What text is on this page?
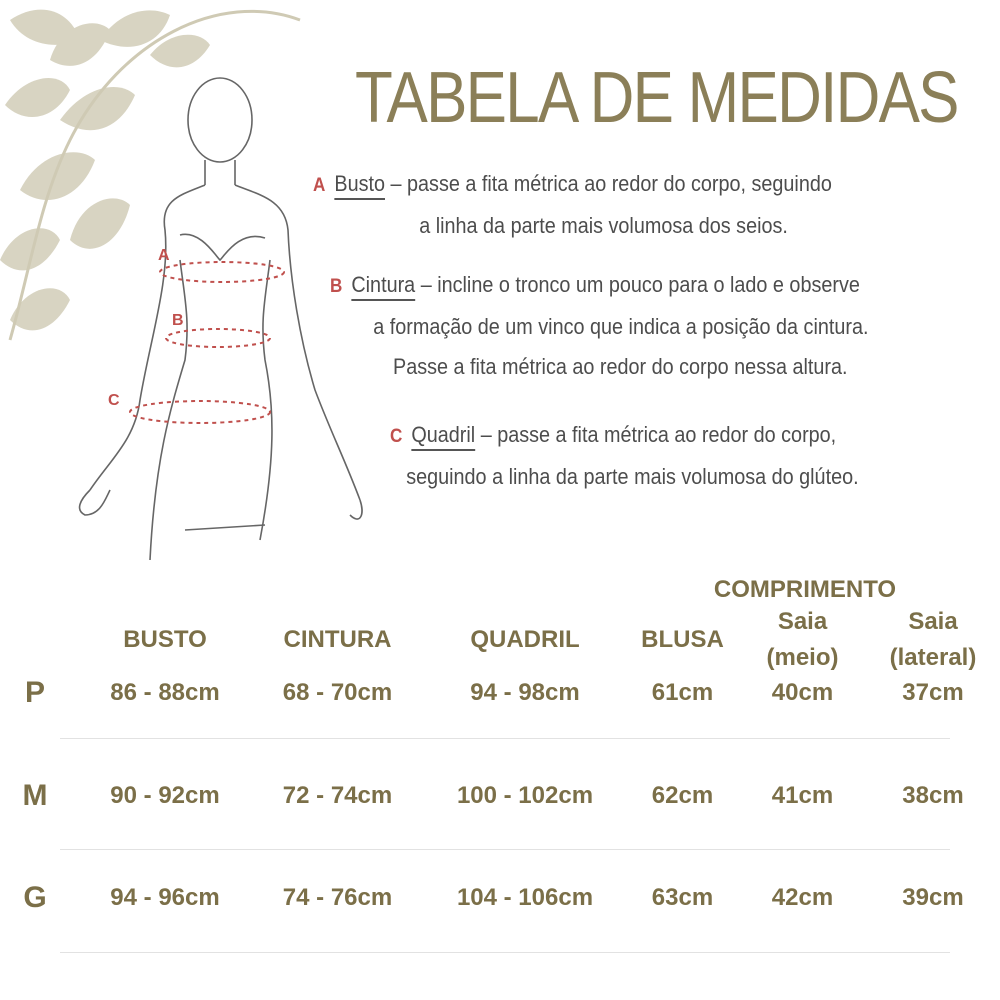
A
B
C
TABELA DE MEDIDAS
A Busto – passe a fita métrica ao redor do corpo, seguindo
a linha da parte mais volumosa dos seios.
B Cintura – incline o tronco um pouco para o lado e observe
a formação de um vinco que indica a posição da cintura.
Passe a fita métrica ao redor do corpo nessa altura.
C Quadril – passe a fita métrica ao redor do corpo,
seguindo a linha da parte mais volumosa do glúteo.
COMPRIMENTO
BUSTO	CINTURA	QUADRIL	BLUSA
Saia
(meio)
Saia
(lateral)
P	86 - 88cm	68 - 70cm	94 - 98cm	61cm	40cm	37cm
M	90 - 92cm	72 - 74cm	100 - 102cm	62cm	41cm	38cm
G	94 - 96cm	74 - 76cm	104 - 106cm	63cm	42cm	39cm
